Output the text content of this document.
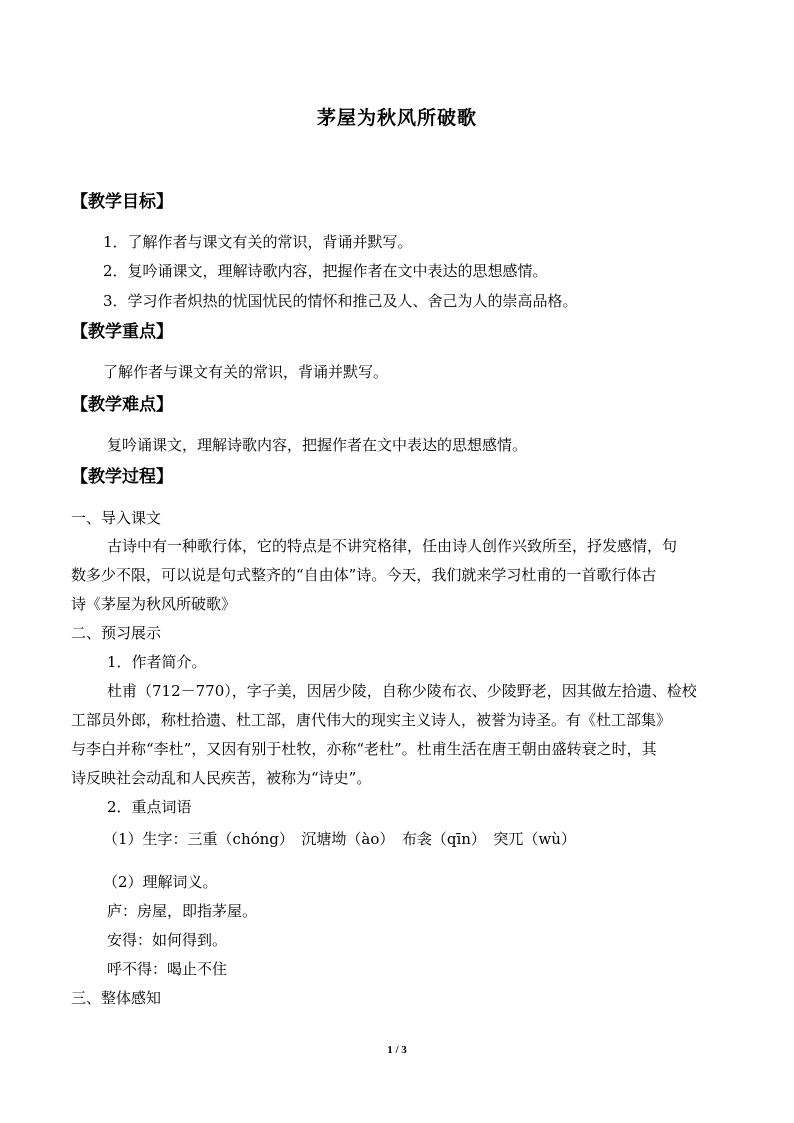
茅屋为秋风所破歌
【教学目标】
1．了解作者与课文有关的常识，背诵并默写。
2．复吟诵课文，理解诗歌内容，把握作者在文中表达的思想感情。
3．学习作者炽热的忧国忧民的情怀和推己及人、舍己为人的崇高品格。
【教学重点】
了解作者与课文有关的常识，背诵并默写。
【教学难点】
复吟诵课文，理解诗歌内容，把握作者在文中表达的思想感情。
【教学过程】
一、导入课文
古诗中有一种歌行体，它的特点是不讲究格律，任由诗人创作兴致所至，抒发感情，句
数多少不限，可以说是句式整齐的“自由体”诗。今天，我们就来学习杜甫的一首歌行体古
诗《茅屋为秋风所破歌》
二、预习展示
1．作者简介。
杜甫（712－770），字子美，因居少陵，自称少陵布衣、少陵野老，因其做左拾遗、检校
工部员外郎，称杜拾遗、杜工部，唐代伟大的现实主义诗人，被誉为诗圣。有《杜工部集》
与李白并称“李杜”，又因有别于杜牧，亦称“老杜”。杜甫生活在唐王朝由盛转衰之时，其
诗反映社会动乱和人民疾苦，被称为“诗史”。
2．重点词语
（1）生字：三重（chóng）　沉塘坳（ào）　布衾（qīn）　突兀（wù）
（2）理解词义。
庐：房屋，即指茅屋。
安得：如何得到。
呼不得：喝止不住
三、整体感知
1 / 3
